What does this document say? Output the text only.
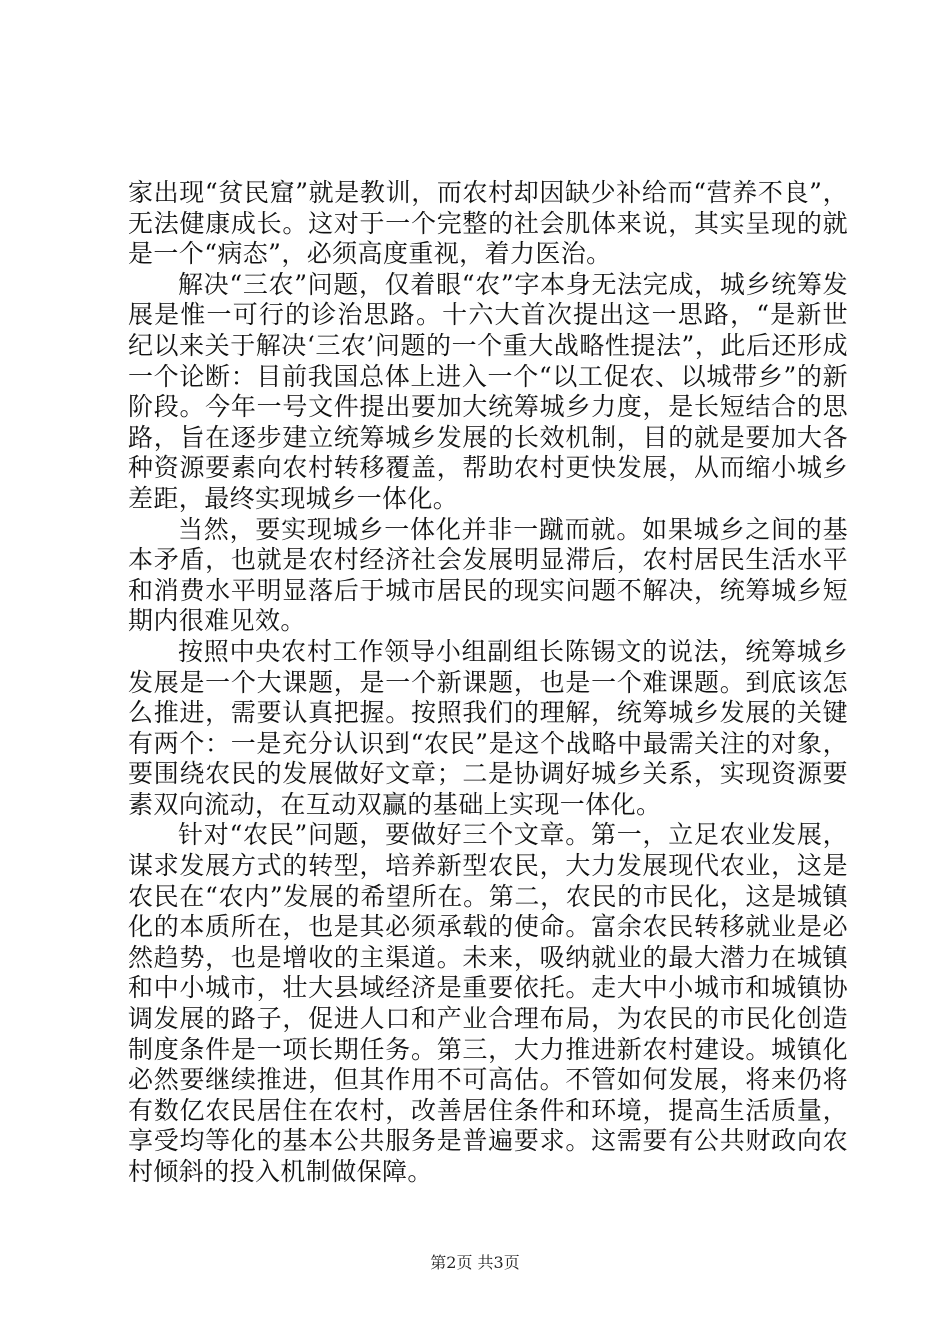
家出现“贫民窟”就是教训，而农村却因缺少补给而“营养不良”，无法健康成长。这对于一个完整的社会肌体来说，其实呈现的就是一个“病态”，必须高度重视，着力医治。

解决“三农”问题，仅着眼“农”字本身无法完成，城乡统筹发展是惟一可行的诊治思路。十六大首次提出这一思路，“是新世纪以来关于解决‘三农’问题的一个重大战略性提法”，此后还形成一个论断：目前我国总体上进入一个“以工促农、以城带乡”的新阶段。今年一号文件提出要加大统筹城乡力度，是长短结合的思路，旨在逐步建立统筹城乡发展的长效机制，目的就是要加大各种资源要素向农村转移覆盖，帮助农村更快发展，从而缩小城乡差距，最终实现城乡一体化。

当然，要实现城乡一体化并非一蹴而就。如果城乡之间的基本矛盾，也就是农村经济社会发展明显滞后，农村居民生活水平和消费水平明显落后于城市居民的现实问题不解决，统筹城乡短期内很难见效。

按照中央农村工作领导小组副组长陈锡文的说法，统筹城乡发展是一个大课题，是一个新课题，也是一个难课题。到底该怎么推进，需要认真把握。按照我们的理解，统筹城乡发展的关键有两个：一是充分认识到“农民”是这个战略中最需关注的对象，要围绕农民的发展做好文章；二是协调好城乡关系，实现资源要素双向流动，在互动双赢的基础上实现一体化。

针对“农民”问题，要做好三个文章。第一，立足农业发展，谋求发展方式的转型，培养新型农民，大力发展现代农业，这是农民在“农内”发展的希望所在。第二，农民的市民化，这是城镇化的本质所在，也是其必须承载的使命。富余农民转移就业是必然趋势，也是增收的主渠道。未来，吸纳就业的最大潜力在城镇和中小城市，壮大县域经济是重要依托。走大中小城市和城镇协调发展的路子，促进人口和产业合理布局，为农民的市民化创造制度条件是一项长期任务。第三，大力推进新农村建设。城镇化必然要继续推进，但其作用不可高估。不管如何发展，将来仍将有数亿农民居住在农村，改善居住条件和环境，提高生活质量，享受均等化的基本公共服务是普遍要求。这需要有公共财政向农村倾斜的投入机制做保障。

第2页 共3页
